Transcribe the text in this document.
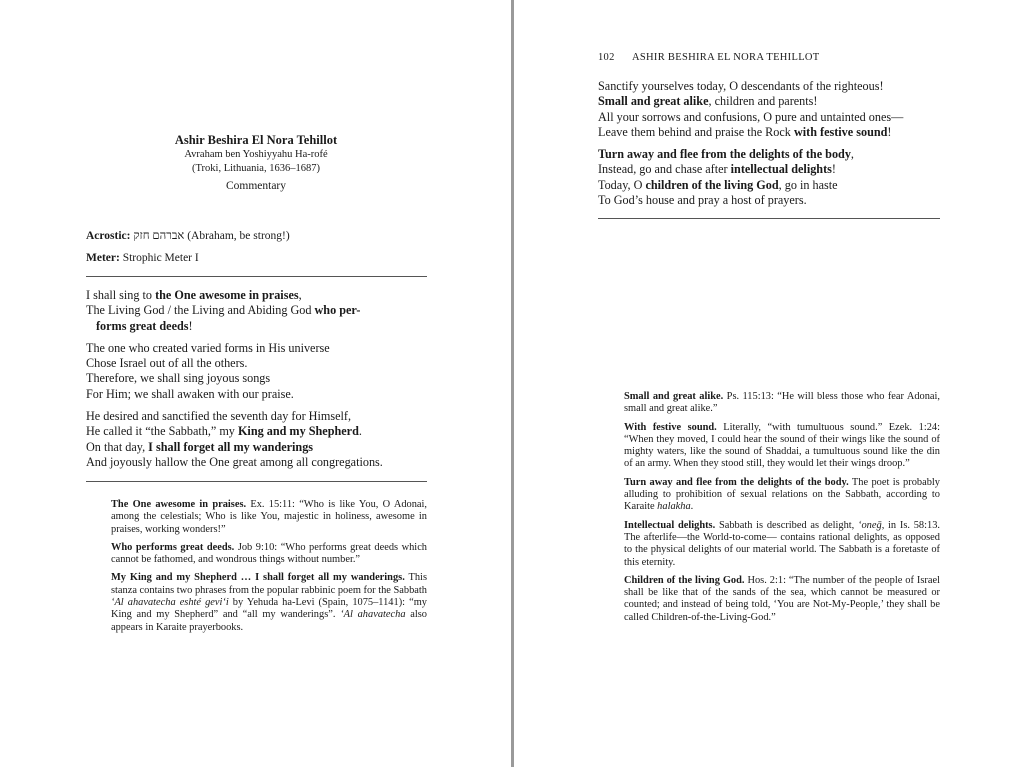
Ashir Beshira El Nora Tehillot
Avraham ben Yoshiyyahu Ha-rofé
(Troki, Lithuania, 1636–1687)
Commentary
Acrostic: אברהם חזק (Abraham, be strong!)
Meter: Strophic Meter I
I shall sing to the One awesome in praises,
The Living God / the Living and Abiding God who per-
forms great deeds!
The one who created varied forms in His universe
Chose Israel out of all the others.
Therefore, we shall sing joyous songs
For Him; we shall awaken with our praise.
He desired and sanctified the seventh day for Himself,
He called it “the Sabbath,” my King and my Shepherd.
On that day, I shall forget all my wanderings
And joyously hallow the One great among all congregations.

The One awesome in praises. Ex. 15:11: “Who is like You, O Adonai, among the celestials; Who is like You, majestic in holiness, awesome in praises, working wonders!”

Who performs great deeds. Job 9:10: “Who performs great deeds which cannot be fathomed, and wondrous things without number.”

My King and my Shepherd … I shall forget all my wanderings. This stanza contains two phrases from the popular rabbinic poem for the Sabbath ‘Al ahavatecha eshté gevi‘i by Yehuda ha-Levi (Spain, 1075–1141): “my King and my Shepherd” and “all my wanderings”. ‘Al ahavatecha also appears in Karaite prayerbooks.

102 ASHIR BESHIRA EL NORA TEHILLOT
Sanctify yourselves today, O descendants of the righteous!
Small and great alike, children and parents!
All your sorrows and confusions, O pure and untainted ones—
Leave them behind and praise the Rock with festive sound!
Turn away and flee from the delights of the body,
Instead, go and chase after intellectual delights!
Today, O children of the living God, go in haste
To God’s house and pray a host of prayers.

Small and great alike. Ps. 115:13: “He will bless those who fear Adonai, small and great alike.”

With festive sound. Literally, “with tumultuous sound.” Ezek. 1:24: “When they moved, I could hear the sound of their wings like the sound of mighty waters, like the sound of Shaddai, a tumultuous sound like the din of an army. When they stood still, they would let their wings droop.”

Turn away and flee from the delights of the body. The poet is probably alluding to prohibition of sexual relations on the Sabbath, according to Karaite halakha.

Intellectual delights. Sabbath is described as delight, ‘oneḡ, in Is. 58:13. The afterlife—the World-to-come— contains rational delights, as opposed to the physical delights of our material world. The Sabbath is a foretaste of this eternity.

Children of the living God. Hos. 2:1: “The number of the people of Israel shall be like that of the sands of the sea, which cannot be measured or counted; and instead of being told, ‘You are Not-My-People,’ they shall be called Children-of-the-Living-God.”
